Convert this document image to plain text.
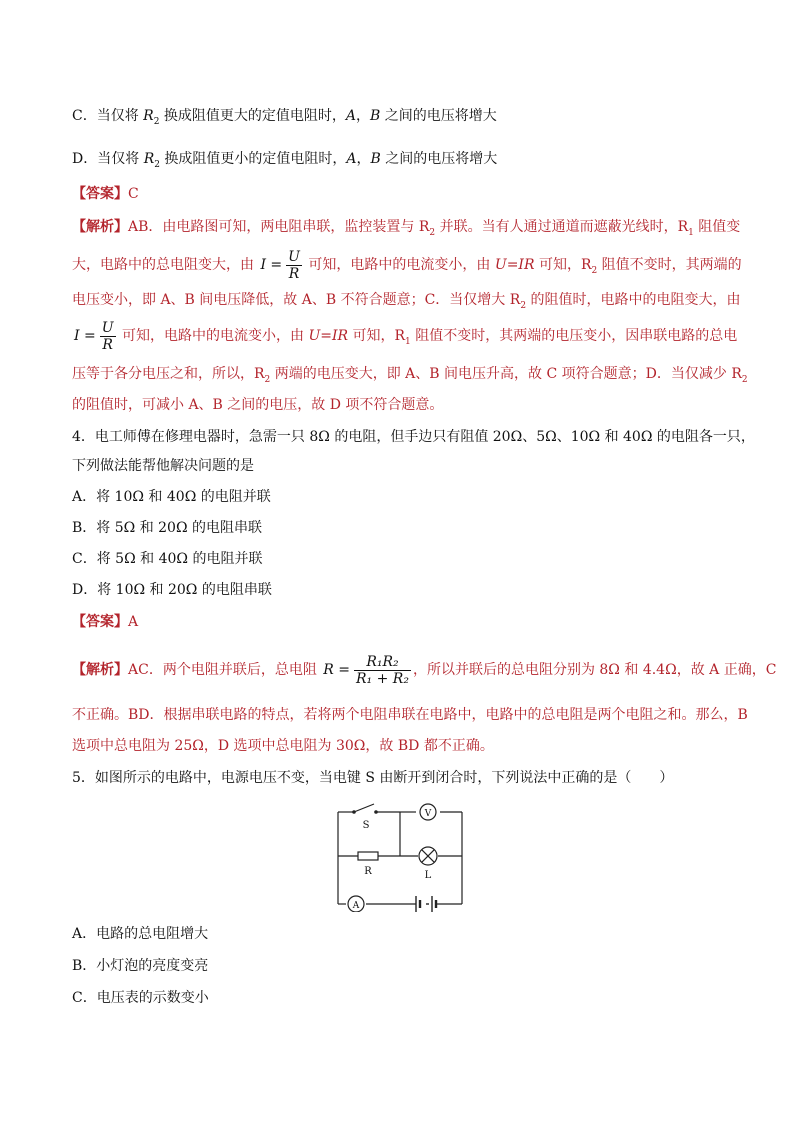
C．当仅将 $R_2$ 换成阻值更大的定值电阻时，A，B 之间的电压将增大
D．当仅将 $R_2$ 换成阻值更小的定值电阻时，A，B 之间的电压将增大
【答案】C
【解析】AB．由电路图可知，两电阻串联，监控装置与 $R_2$ 并联。当有人通过通道而遮蔽光线时，$R_1$ 阻值变
大，电路中的总电阻变大，由 $I = \frac{U}{R}$ 可知，电路中的电流变小，由 U=IR 可知，$R_2$ 阻值不变时，其两端的
电压变小，即 A、B 间电压降低，故 A、B 不符合题意；C．当仅增大 $R_2$ 的阻值时，电路中的电阻变大，由
$I = \frac{U}{R}$ 可知，电路中的电流变小，由 U=IR 可知，$R_1$ 阻值不变时，其两端的电压变小，因串联电路的总电
压等于各分电压之和，所以，$R_2$ 两端的电压变大，即 A、B 间电压升高，故 C 项符合题意；D．当仅减少 $R_2$
的阻值时，可减小 A、B 之间的电压，故 D 项不符合题意。
4．电工师傅在修理电器时，急需一只 8Ω 的电阻，但手边只有阻值 20Ω、5Ω、10Ω 和 40Ω 的电阻各一只，
下列做法能帮他解决问题的是
A．将 10Ω 和 40Ω 的电阻并联
B．将 5Ω 和 20Ω 的电阻串联
C．将 5Ω 和 40Ω 的电阻并联
D．将 10Ω 和 20Ω 的电阻串联
【答案】A
【解析】AC．两个电阻并联后，总电阻 $R = \frac{\text{R₁R₂}}{\text{R₁ + R₂}}$ ，所以并联后的总电阻分别为 8Ω 和 4.4Ω，故 A 正确，C
不正确。BD．根据串联电路的特点，若将两个电阻串联在电路中，电路中的总电阻是两个电阻之和。那么，B
选项中总电阻为 25Ω，D 选项中总电阻为 30Ω，故 BD 都不正确。
5．如图所示的电路中，电源电压不变，当电键 S 由断开到闭合时，下列说法中正确的是（　　）
S
V
R	L
A
A．电路的总电阻增大
B．小灯泡的亮度变亮
C．电压表的示数变小
